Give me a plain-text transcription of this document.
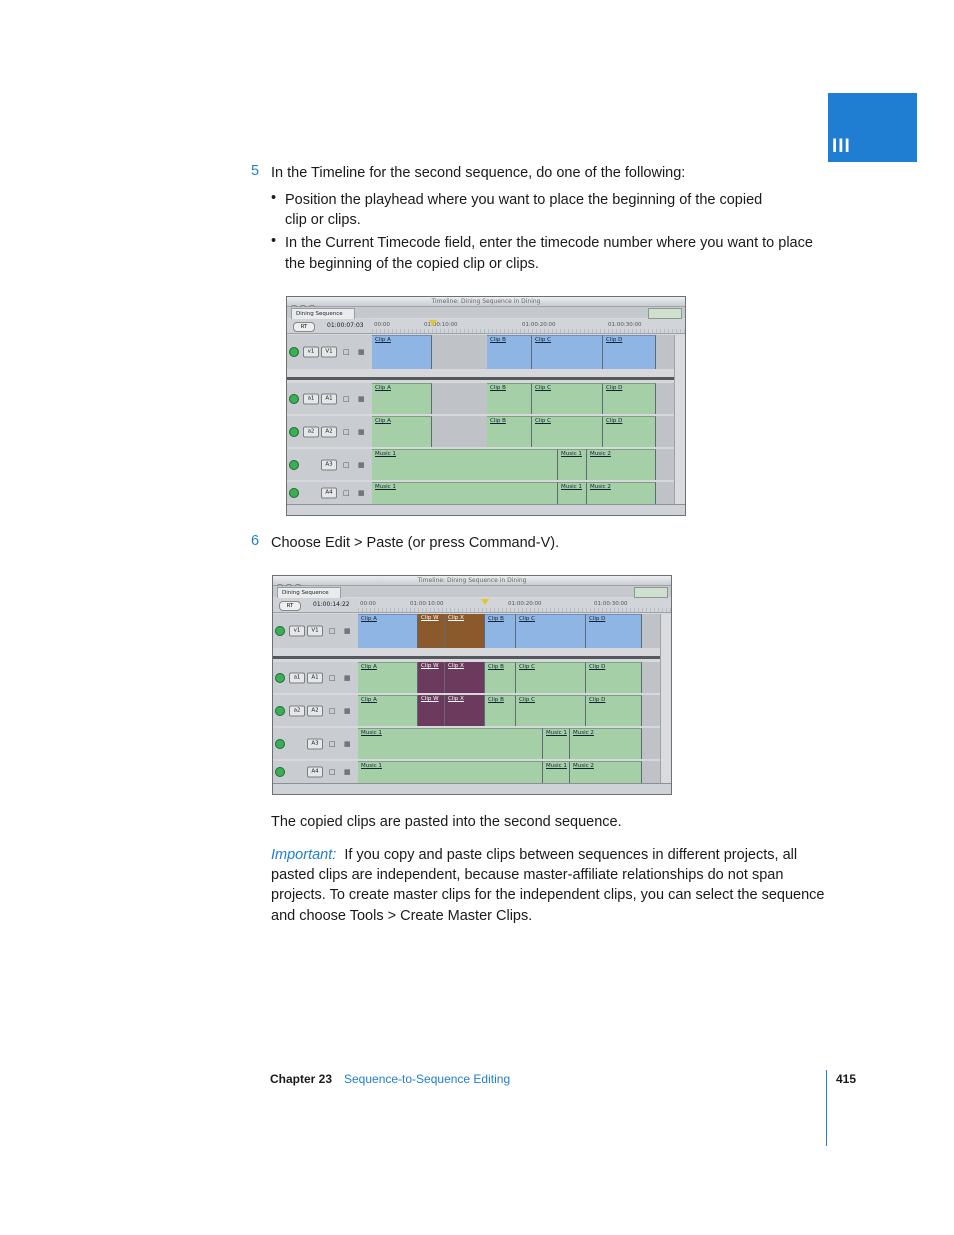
III
5 In the Timeline for the second sequence, do one of the following:
• Position the playhead where you want to place the beginning of the copied
clip or clips.
• In the Current Timecode field, enter the timecode number where you want to place
the beginning of the copied clip or clips.
Timeline: Dining Sequence in Dining
Dining Sequence
RT	01:00:07:03 00:00	01:00:10:00	01:00:20:00	01:00:30:00
v1	V1	□ ▦
Clip A	Clip B	Clip C	Clip D
a1	A1	□ ▦
Clip A	Clip B	Clip C	Clip D
a2	A2	□ ▦
Clip A	Clip B	Clip C	Clip D
A3	□ ▦
Music 1	Music 1	Music 2
A4	□ ▦
Music 1	Music 1	Music 2
6 Choose Edit > Paste (or press Command-V).
Timeline: Dining Sequence in Dining
Dining Sequence
RT	01:00:14:22 00:00	01:00:10:00	01:00:20:00	01:00:30:00
v1	V1	□ ▦
Clip A	Clip W	Clip X	Clip B	Clip C	Clip D
a1	A1	□ ▦
Clip A	Clip W	Clip X	Clip B	Clip C	Clip D
a2	A2	□ ▦
Clip A	Clip W	Clip X	Clip B	Clip C	Clip D
A3	□ ▦
Music 1	Music 1	Music 2
A4	□ ▦
Music 1	Music 1	Music 2
The copied clips are pasted into the second sequence.
Important: If you copy and paste clips between sequences in different projects, all
pasted clips are independent, because master-affiliate relationships do not span
projects. To create master clips for the independent clips, you can select the sequence
and choose Tools > Create Master Clips.
Chapter 23 Sequence-to-Sequence Editing	415
